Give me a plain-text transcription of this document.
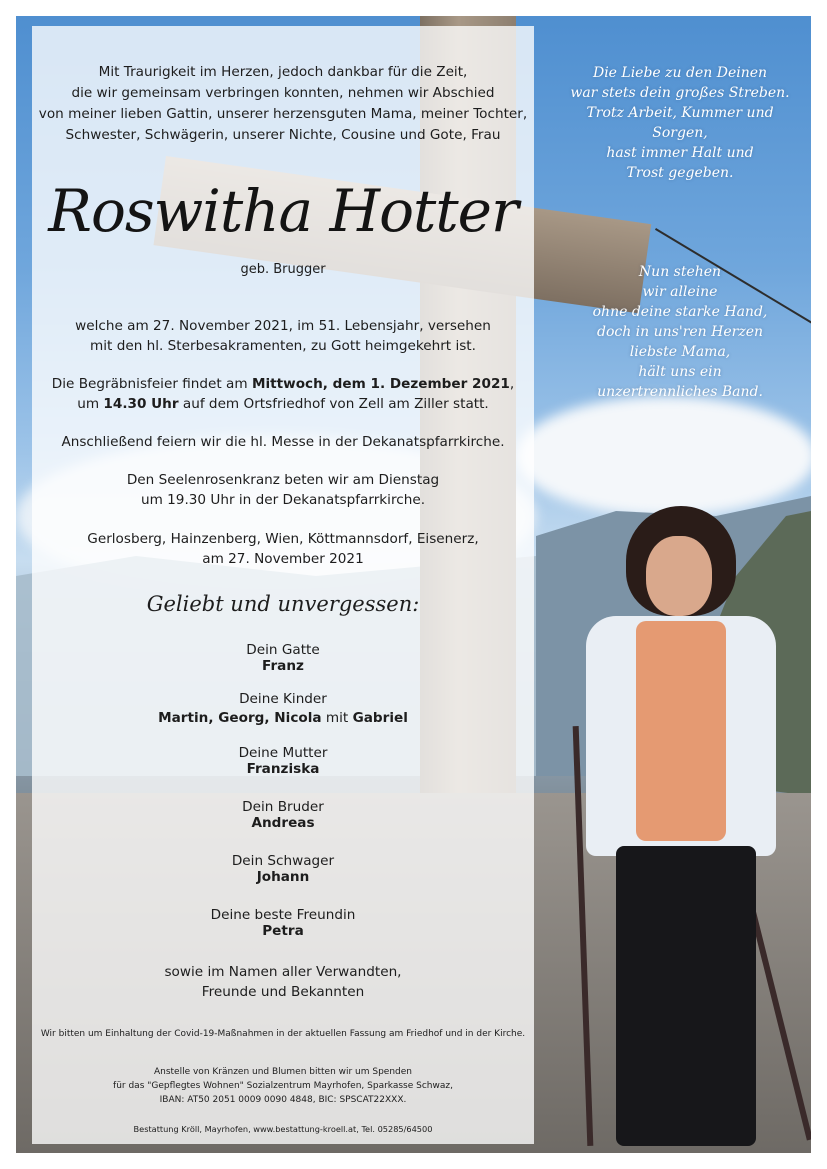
Mit Traurigkeit im Herzen, jedoch dankbar für die Zeit,
die wir gemeinsam verbringen konnten, nehmen wir Abschied
von meiner lieben Gattin, unserer herzensguten Mama, meiner Tochter,
Schwester, Schwägerin, unserer Nichte, Cousine und Gote, Frau
Roswitha Hotter
geb. Brugger
welche am 27. November 2021, im 51. Lebensjahr, versehen
mit den hl. Sterbesakramenten, zu Gott heimgekehrt ist.
Die Begräbnisfeier findet am Mittwoch, dem 1. Dezember 2021,
um 14.30 Uhr auf dem Ortsfriedhof von Zell am Ziller statt.
Anschließend feiern wir die hl. Messe in der Dekanatspfarrkirche.
Den Seelenrosenkranz beten wir am Dienstag
um 19.30 Uhr in der Dekanatspfarrkirche.
Gerlosberg, Hainzenberg, Wien, Köttmannsdorf, Eisenerz,
am 27. November 2021
Geliebt und unvergessen:
Dein Gatte
Franz
Deine Kinder
Martin, Georg, Nicola mit Gabriel
Deine Mutter
Franziska
Dein Bruder
Andreas
Dein Schwager
Johann
Deine beste Freundin
Petra
sowie im Namen aller Verwandten,
Freunde und Bekannten
Wir bitten um Einhaltung der Covid-19-Maßnahmen in der aktuellen Fassung am Friedhof und in der Kirche.
Anstelle von Kränzen und Blumen bitten wir um Spenden
für das "Gepflegtes Wohnen" Sozialzentrum Mayrhofen, Sparkasse Schwaz,
IBAN: AT50 2051 0009 0090 4848, BIC: SPSCAT22XXX.
Bestattung Kröll, Mayrhofen, www.bestattung-kroell.at, Tel. 05285/64500
Die Liebe zu den Deinen
war stets dein großes Streben.
Trotz Arbeit, Kummer und Sorgen,
hast immer Halt und
Trost gegeben.
Nun stehen
wir alleine
ohne deine starke Hand,
doch in uns'ren Herzen
liebste Mama,
hält uns ein
unzertrennliches Band.
